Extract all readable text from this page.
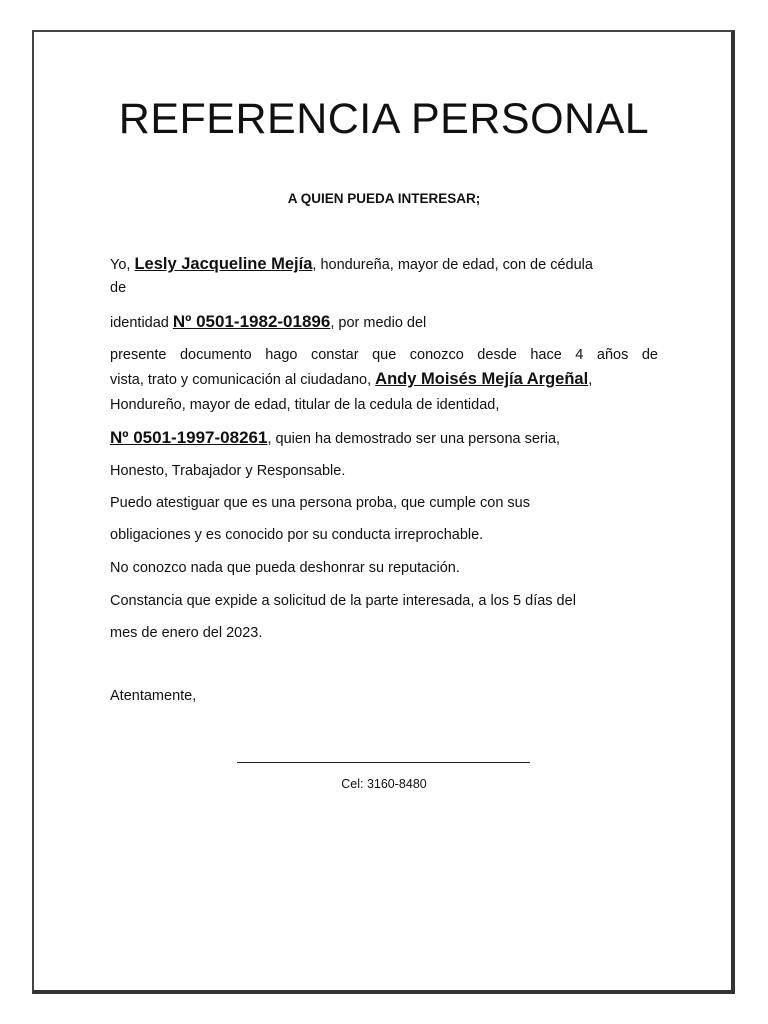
REFERENCIA PERSONAL
A QUIEN PUEDA INTERESAR;
Yo, Lesly Jacqueline Mejía, hondureña, mayor de edad, con de cédula
de
identidad Nº 0501-1982-01896, por medio del
presente documento hago constar que conozco desde hace 4 años de
vista, trato y comunicación al ciudadano, Andy Moisés Mejía Argeñal,
Hondureño, mayor de edad, titular de la cedula de identidad,
Nº 0501-1997-08261, quien ha demostrado ser una persona seria,
Honesto, Trabajador y Responsable.
Puedo atestiguar que es una persona proba, que cumple con sus
obligaciones y es conocido por su conducta irreprochable.
No conozco nada que pueda deshonrar su reputación.
Constancia que expide a solicitud de la parte interesada, a los 5 días del
mes de enero del 2023.
Atentamente,
Cel: 3160-8480
